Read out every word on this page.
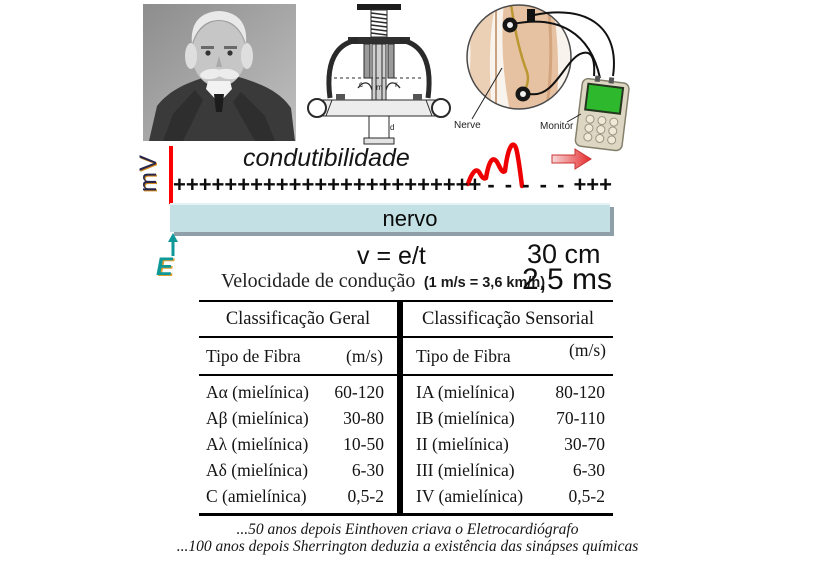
c m r
d	Nerve	Monitor
mV	condutibilidade
++++++++++++++++++++++++ - - - - - +++
nervo
E	v = e/t	30 cm
Velocidade de condução (1 m/s = 3,6 km/h)
2,5 ms
Classificação Geral
Tipo de Fibra	(m/s)
Aα (mielínica) 60-120
Aβ (mielínica) 30-80
Aλ (mielínica) 10-50
Aδ (mielínica)	6-30
C (amielínica) 0,5-2
Classificação Sensorial
Tipo de Fibra	(m/s)
IA (mielínica) 80-120
IB (mielínica) 70-110
II (mielínica)	30-70
III (mielínica)	6-30
IV (amielínica)	0,5-2
...50 anos depois Einthoven criava o Eletrocardiógrafo
...100 anos depois Sherrington deduzia a existência das sinápses químicas
